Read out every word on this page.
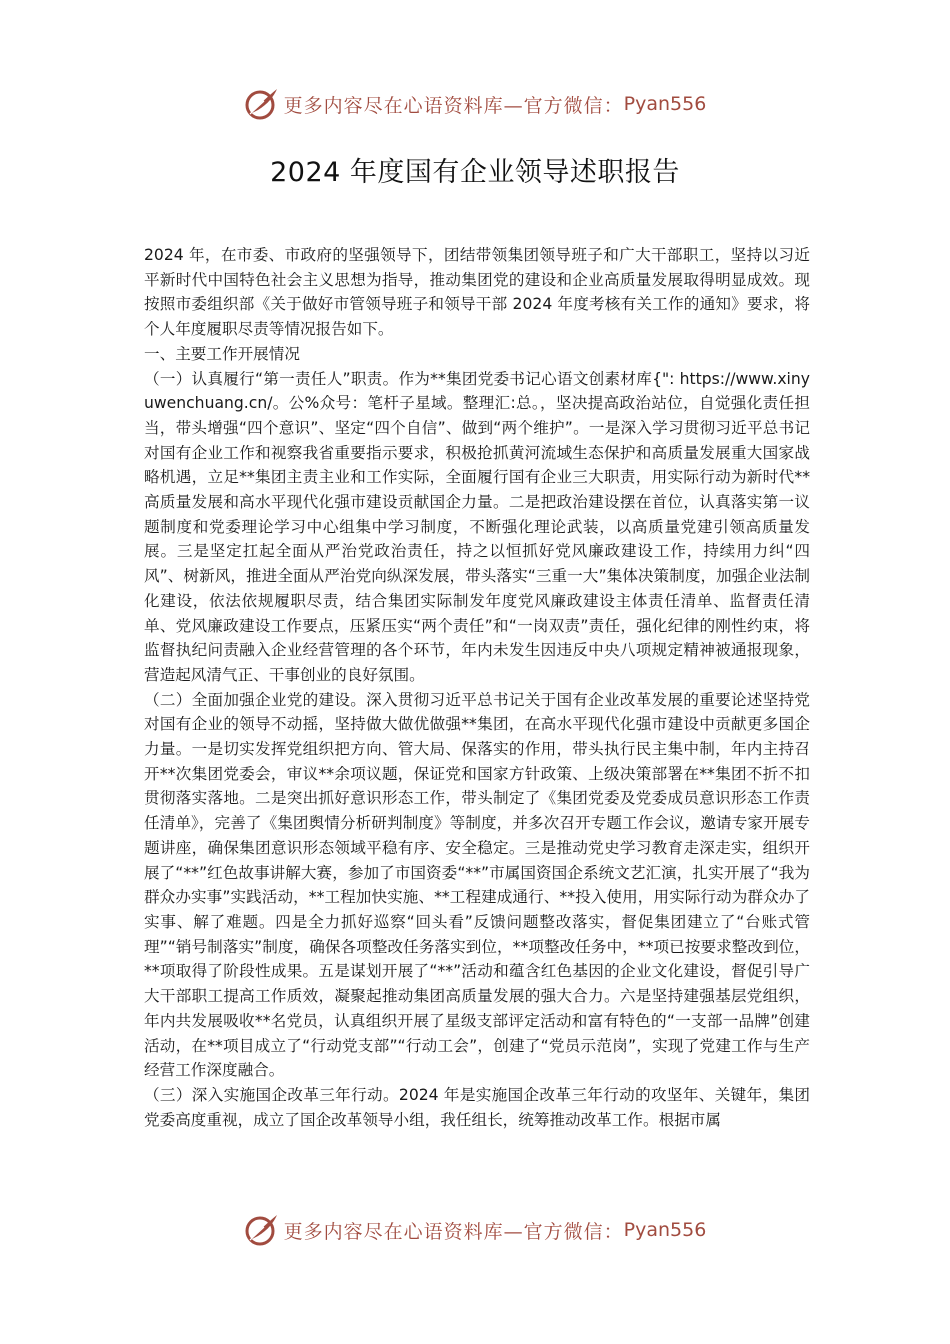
更多内容尽在心语资料库—官方微信： Pyan556
2024 年度国有企业领导述职报告

2024 年，在市委、市政府的坚强领导下，团结带领集团领导班子和广大干部职工，坚持以习近平新时代中国特色社会主义思想为指导，推动集团党的建设和企业高质量发展取得明显成效。现按照市委组织部《关于做好市管领导班子和领导干部 2024 年度考核有关工作的通知》要求，将个人年度履职尽责等情况报告如下。

一、主要工作开展情况

（一）认真履行“第一责任人”职责。作为**集团党委书记心语文创素材库{": https://www.xinyuwenchuang.cn/。公%众号：笔杆子星域。整理汇:总。，坚决提高政治站位，自觉强化责任担当，带头增强“四个意识”、坚定“四个自信”、做到“两个维护”。一是深入学习贯彻习近平总书记对国有企业工作和视察我省重要指示要求，积极抢抓黄河流域生态保护和高质量发展重大国家战略机遇，立足**集团主责主业和工作实际，全面履行国有企业三大职责，用实际行动为新时代**高质量发展和高水平现代化强市建设贡献国企力量。二是把政治建设摆在首位，认真落实第一议题制度和党委理论学习中心组集中学习制度，不断强化理论武装，以高质量党建引领高质量发展。三是坚定扛起全面从严治党政治责任，持之以恒抓好党风廉政建设工作，持续用力纠“四风”、树新风，推进全面从严治党向纵深发展，带头落实“三重一大”集体决策制度，加强企业法制化建设，依法依规履职尽责，结合集团实际制发年度党风廉政建设主体责任清单、监督责任清单、党风廉政建设工作要点，压紧压实“两个责任”和“一岗双责”责任，强化纪律的刚性约束，将监督执纪问责融入企业经营管理的各个环节，年内未发生因违反中央八项规定精神被通报现象，营造起风清气正、干事创业的良好氛围。

（二）全面加强企业党的建设。深入贯彻习近平总书记关于国有企业改革发展的重要论述坚持党对国有企业的领导不动摇，坚持做大做优做强**集团，在高水平现代化强市建设中贡献更多国企力量。一是切实发挥党组织把方向、管大局、保落实的作用，带头执行民主集中制，年内主持召开**次集团党委会，审议**余项议题，保证党和国家方针政策、上级决策部署在**集团不折不扣贯彻落实落地。二是突出抓好意识形态工作，带头制定了《集团党委及党委成员意识形态工作责任清单》，完善了《集团舆情分析研判制度》等制度，并多次召开专题工作会议，邀请专家开展专题讲座，确保集团意识形态领域平稳有序、安全稳定。三是推动党史学习教育走深走实，组织开展了“**”红色故事讲解大赛，参加了市国资委“**”市属国资国企系统文艺汇演，扎实开展了“我为群众办实事”实践活动，**工程加快实施、**工程建成通行、**投入使用，用实际行动为群众办了实事、解了难题。四是全力抓好巡察“回头看”反馈问题整改落实，督促集团建立了“台账式管理”“销号制落实”制度，确保各项整改任务落实到位，**项整改任务中，**项已按要求整改到位，**项取得了阶段性成果。五是谋划开展了“**”活动和蕴含红色基因的企业文化建设，督促引导广大干部职工提高工作质效，凝聚起推动集团高质量发展的强大合力。六是坚持建强基层党组织，年内共发展吸收**名党员，认真组织开展了星级支部评定活动和富有特色的“一支部一品牌”创建活动，在**项目成立了“行动党支部”“行动工会”，创建了“党员示范岗”，实现了党建工作与生产经营工作深度融合。

（三）深入实施国企改革三年行动。2024 年是实施国企改革三年行动的攻坚年、关键年，集团党委高度重视，成立了国企改革领导小组，我任组长，统筹推动改革工作。根据市属

更多内容尽在心语资料库—官方微信： Pyan556
